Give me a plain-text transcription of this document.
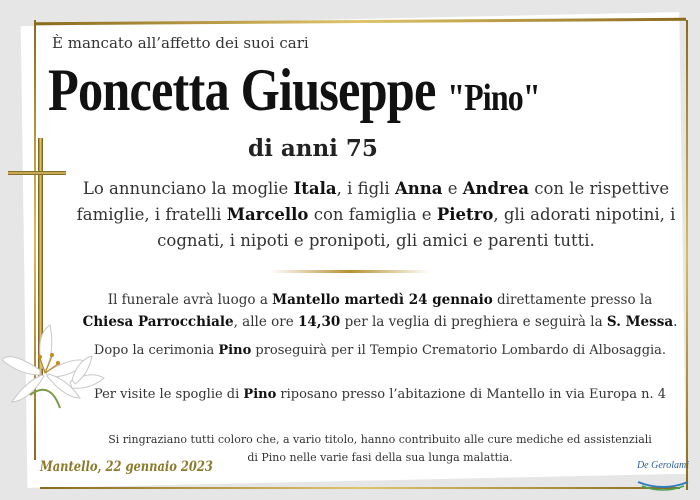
È mancato all’affetto dei suoi cari
Poncetta Giuseppe "Pino"
di anni 75
Lo annunciano la moglie Itala, i figli Anna e Andrea con le rispettive famiglie, i fratelli Marcello con famiglia e Pietro, gli adorati nipotini, i cognati, i nipoti e pronipoti, gli amici e parenti tutti.
Il funerale avrà luogo a Mantello martedì 24 gennaio direttamente presso la
Chiesa Parrocchiale, alle ore 14,30 per la veglia di preghiera e seguirà la S. Messa.
Dopo la cerimonia Pino proseguirà per il Tempio Crematorio Lombardo di Albosaggia.
Per visite le spoglie di Pino riposano presso l’abitazione di Mantello in via Europa n. 4
Si ringraziano tutti coloro che, a vario titolo, hanno contribuito alle cure mediche ed assistenziali
di Pino nelle varie fasi della sua lunga malattia.
Mantello, 22 gennaio 2023	De Gerolami
